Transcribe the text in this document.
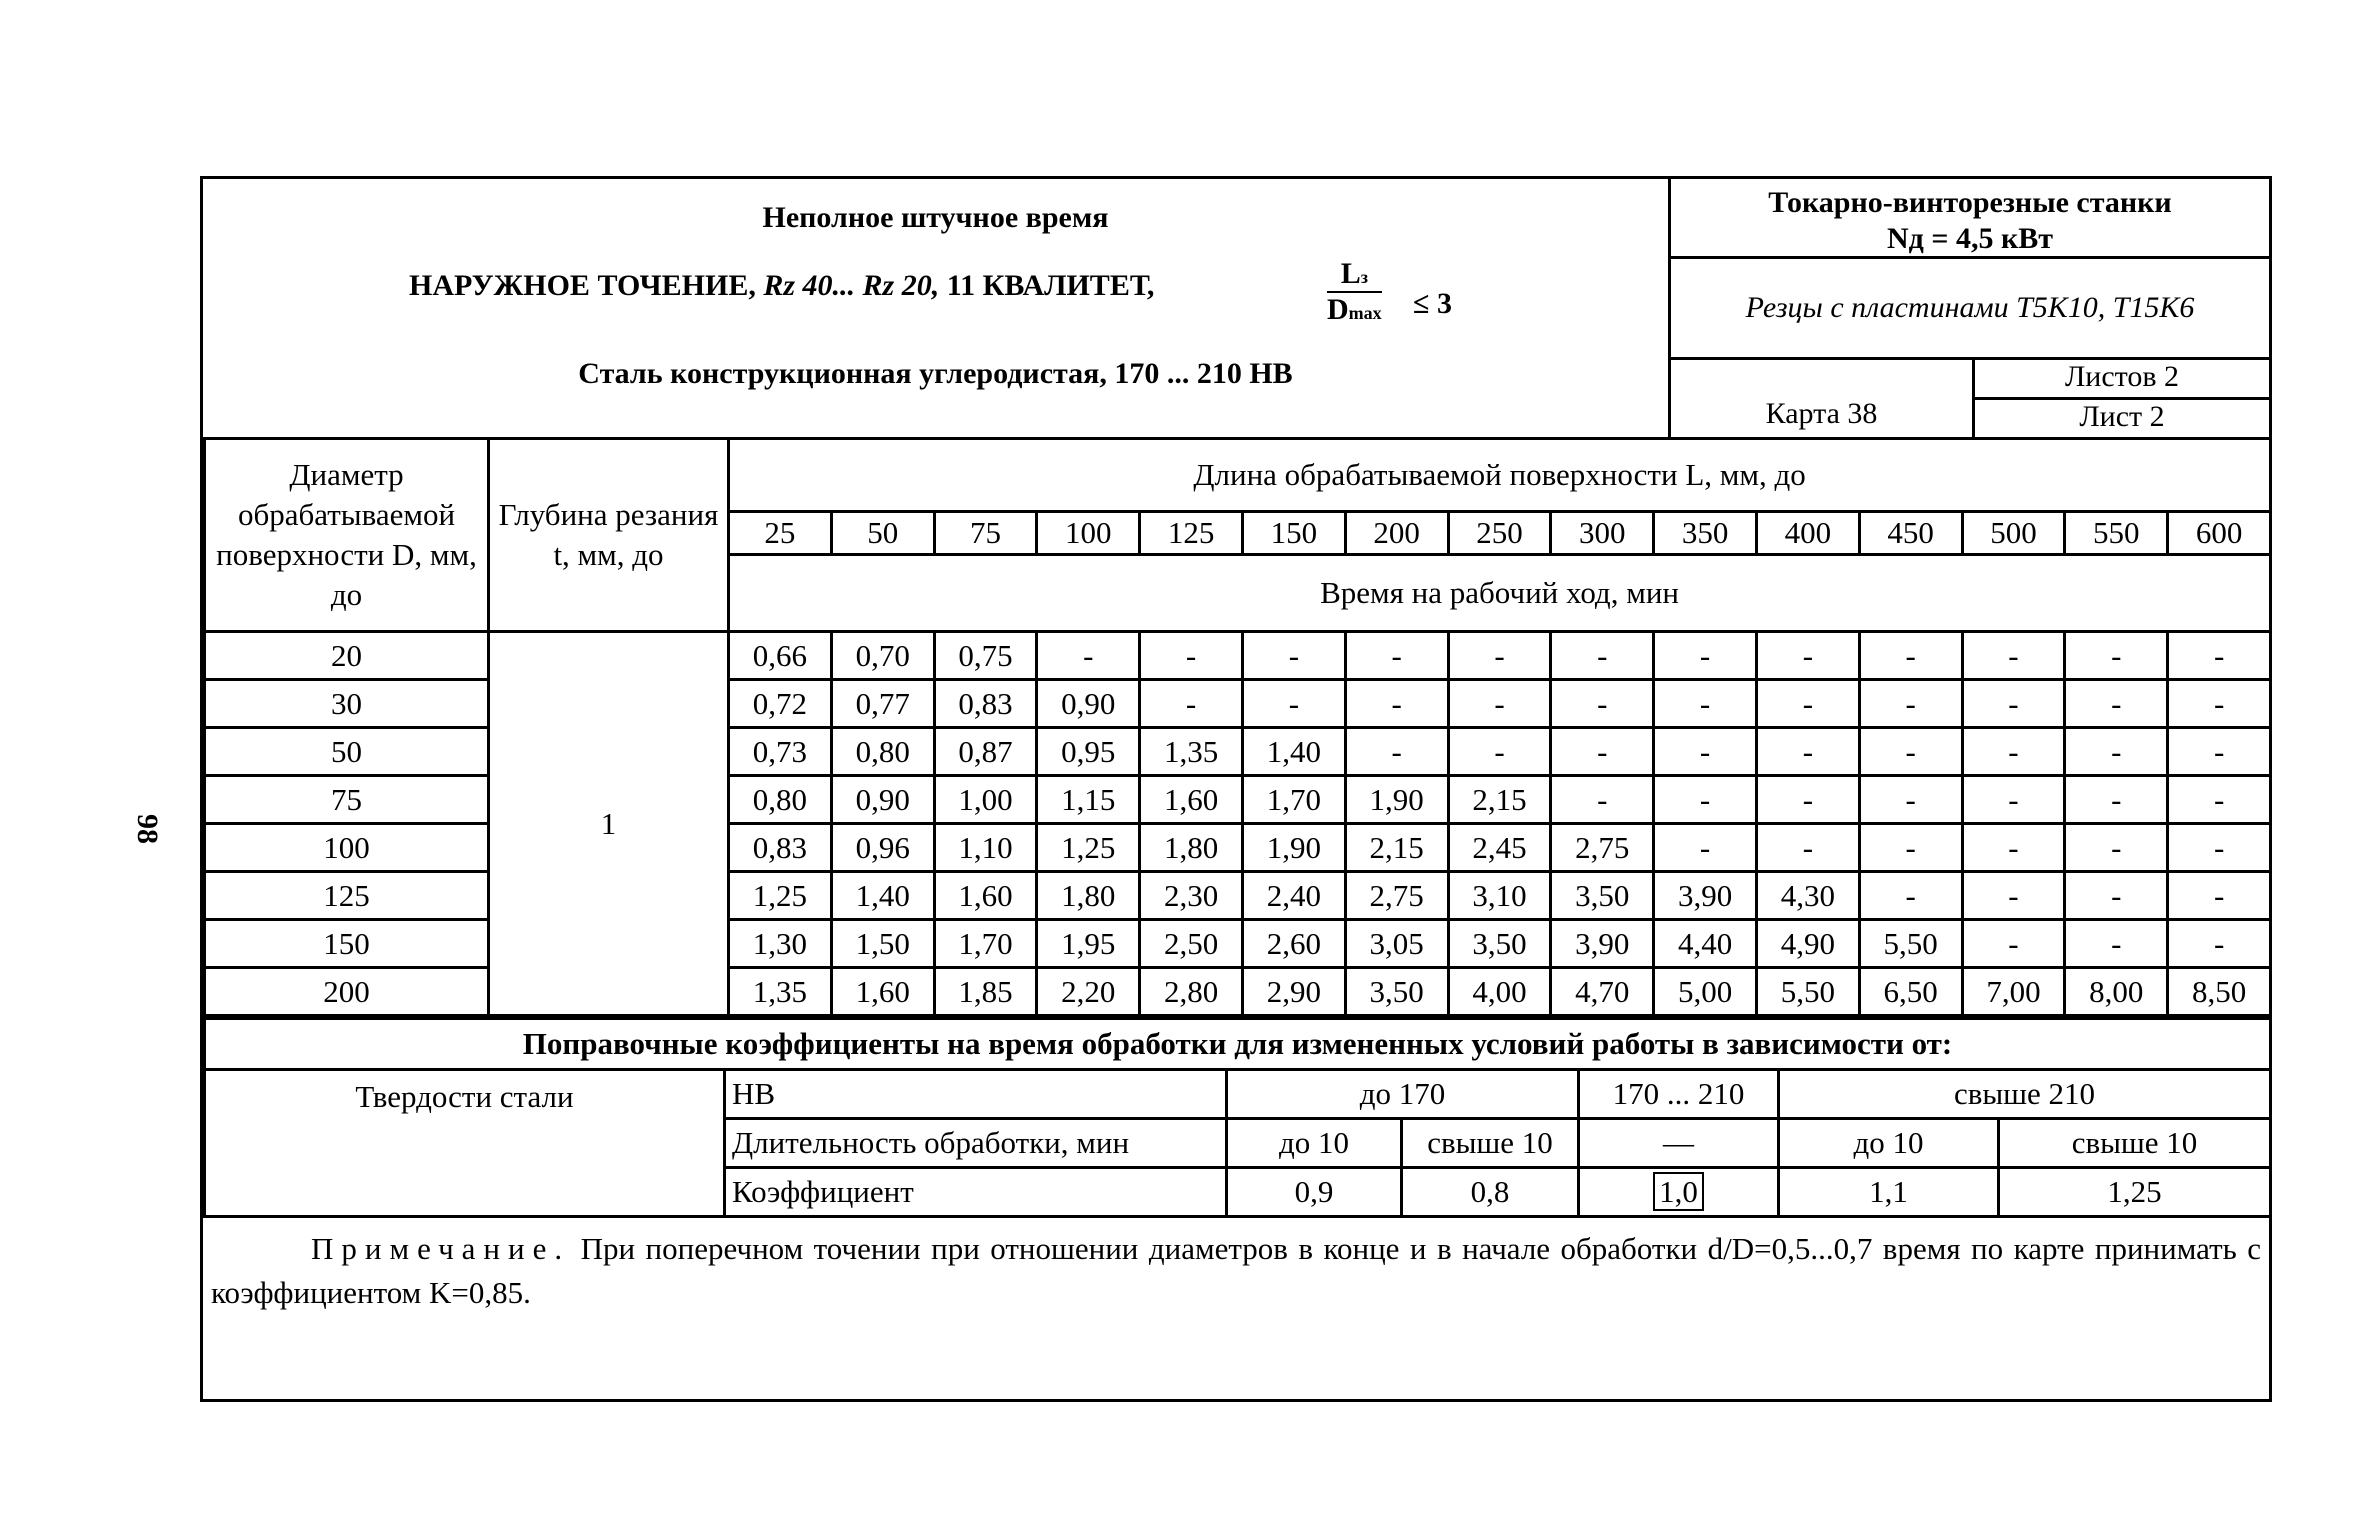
98
Неполное штучное время
НАРУЖНОЕ ТОЧЕНИЕ, Rz 40... Rz 20, 11 КВАЛИТЕТ,	Lз
Dmax ≤ 3
Сталь конструкционная углеродистая, 170 ... 210 НВ
Токарно-винторезные станки
Nд = 4,5 кВт
Резцы с пластинами Т5К10, Т15К6
Карта 38
Листов 2
Лист 2
Диаметр обрабатываемой поверхности D, мм, до	Глубина резания t, мм, до	Длина обрабатываемой поверхности L, мм, до														
		25	50	75	100	125	150	200	250	300	350	400	450	500	550	600
		Время на рабочий ход, мин														
20	1	0,66	0,70	0,75	-	-	-	-	-	-	-	-	-	-	-	-
30		0,72	0,77	0,83	0,90	-	-	-	-	-	-	-	-	-	-	-
50		0,73	0,80	0,87	0,95	1,35	1,40	-	-	-	-	-	-	-	-	-
75		0,80	0,90	1,00	1,15	1,60	1,70	1,90	2,15	-	-	-	-	-	-	-
100		0,83	0,96	1,10	1,25	1,80	1,90	2,15	2,45	2,75	-	-	-	-	-	-
125		1,25	1,40	1,60	1,80	2,30	2,40	2,75	3,10	3,50	3,90	4,30	-	-	-	-
150		1,30	1,50	1,70	1,95	2,50	2,60	3,05	3,50	3,90	4,40	4,90	5,50	-	-	-
200		1,35	1,60	1,85	2,20	2,80	2,90	3,50	4,00	4,70	5,00	5,50	6,50	7,00	8,00	8,50
Поправочные коэффициенты на время обработки для измененных условий работы в зависимости от:						
Твердости стали	НВ	до 170		170 ... 210	свыше 210	
	Длительность обработки, мин	до 10	свыше 10	—	до 10	свыше 10
	Коэффициент	0,9	0,8	1,0	1,1	1,25
Примечание. При поперечном точении при отношении диаметров в конце и в начале обработки d/D=0,5...0,7 время по карте принимать с коэффициентом K=0,85.
